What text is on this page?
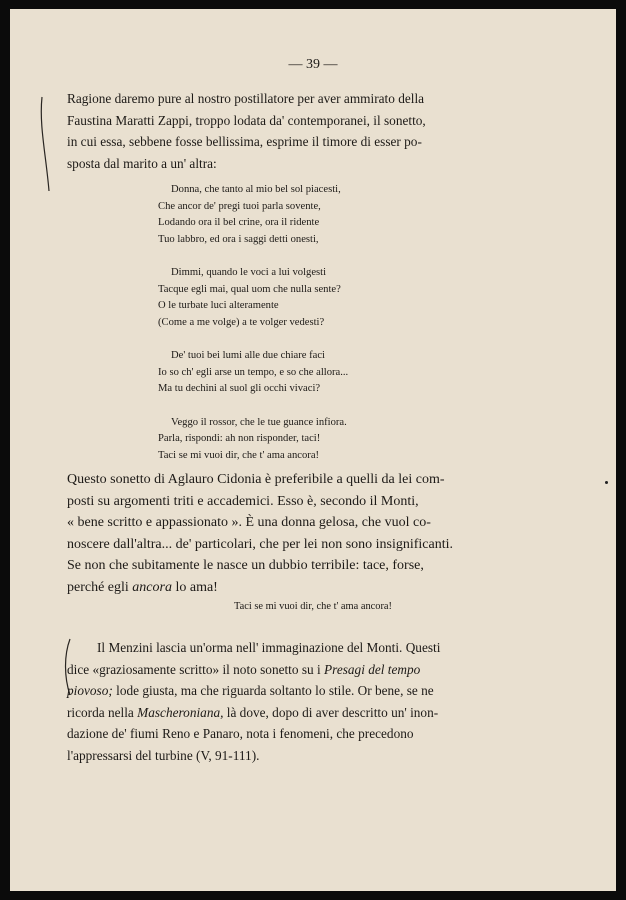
— 39 —

Ragione daremo pure al nostro postillatore per aver ammirato della

Faustina Maratti Zappi, troppo lodata da' contemporanei, il sonetto,

in cui essa, sebbene fosse bellissima, esprime il timore di esser po-

sposta dal marito a un' altra:

Donna, che tanto al mio bel sol piacesti,
Che ancor de' pregi tuoi parla sovente,
Lodando ora il bel crine, ora il ridente
Tuo labbro, ed ora i saggi detti onesti,
Dimmi, quando le voci a lui volgesti
Tacque egli mai, qual uom che nulla sente?
O le turbate luci alteramente
(Come a me volge) a te volger vedesti?
De' tuoi bei lumi alle due chiare faci
Io so ch' egli arse un tempo, e so che allora...
Ma tu dechini al suol gli occhi vivaci?
Veggo il rossor, che le tue guance infiora.
Parla, rispondi: ah non risponder, taci!
Taci se mi vuoi dir, che t' ama ancora!

Questo sonetto di Aglauro Cidonia è preferibile a quelli da lei com-

posti su argomenti triti e accademici. Esso è, secondo il Monti,

« bene scritto e appassionato ». È una donna gelosa, che vuol co-

noscere dall'altra... de' particolari, che per lei non sono insignificanti.

Se non che subitamente le nasce un dubbio terribile: tace, forse,

perché egli ancora lo ama!

Taci se mi vuoi dir, che t' ama ancora!

Il Menzini lascia un'orma nell' immaginazione del Monti. Questi

dice «graziosamente scritto» il noto sonetto su i Presagi del tempo

piovoso; lode giusta, ma che riguarda soltanto lo stile. Or bene, se ne

ricorda nella Mascheroniana, là dove, dopo di aver descritto un' inon-

dazione de' fiumi Reno e Panaro, nota i fenomeni, che precedono

l'appressarsi del turbine (V, 91-111).
